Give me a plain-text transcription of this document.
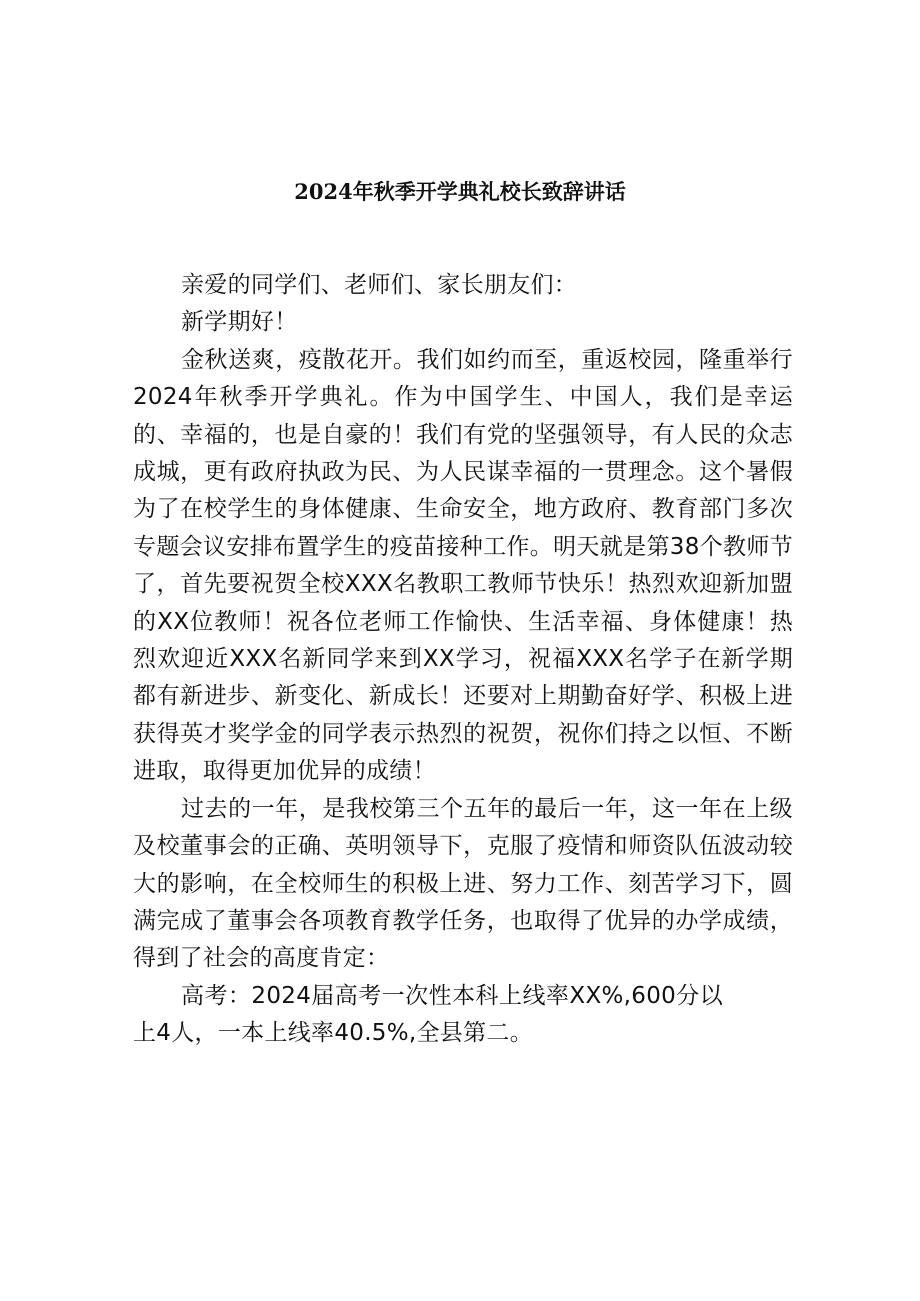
2024年秋季开学典礼校长致辞讲话

亲爱的同学们、老师们、家长朋友们：

新学期好！

金秋送爽，疫散花开。我们如约而至，重返校园，隆重举行2024年秋季开学典礼。作为中国学生、中国人，我们是幸运的、幸福的，也是自豪的！我们有党的坚强领导，有人民的众志成城，更有政府执政为民、为人民谋幸福的一贯理念。这个暑假为了在校学生的身体健康、生命安全，地方政府、教育部门多次专题会议安排布置学生的疫苗接种工作。明天就是第38个教师节了，首先要祝贺全校XXX名教职工教师节快乐！热烈欢迎新加盟的XX位教师！祝各位老师工作愉快、生活幸福、身体健康！热烈欢迎近XXX名新同学来到XX学习，祝福XXX名学子在新学期都有新进步、新变化、新成长！还要对上期勤奋好学、积极上进获得英才奖学金的同学表示热烈的祝贺，祝你们持之以恒、不断进取，取得更加优异的成绩！

过去的一年，是我校第三个五年的最后一年，这一年在上级及校董事会的正确、英明领导下，克服了疫情和师资队伍波动较大的影响，在全校师生的积极上进、努力工作、刻苦学习下，圆满完成了董事会各项教育教学任务，也取得了优异的办学成绩，得到了社会的高度肯定：

高考：2024届高考一次性本科上线率XX%,600分以上4人，一本上线率40.5%,全县第二。
